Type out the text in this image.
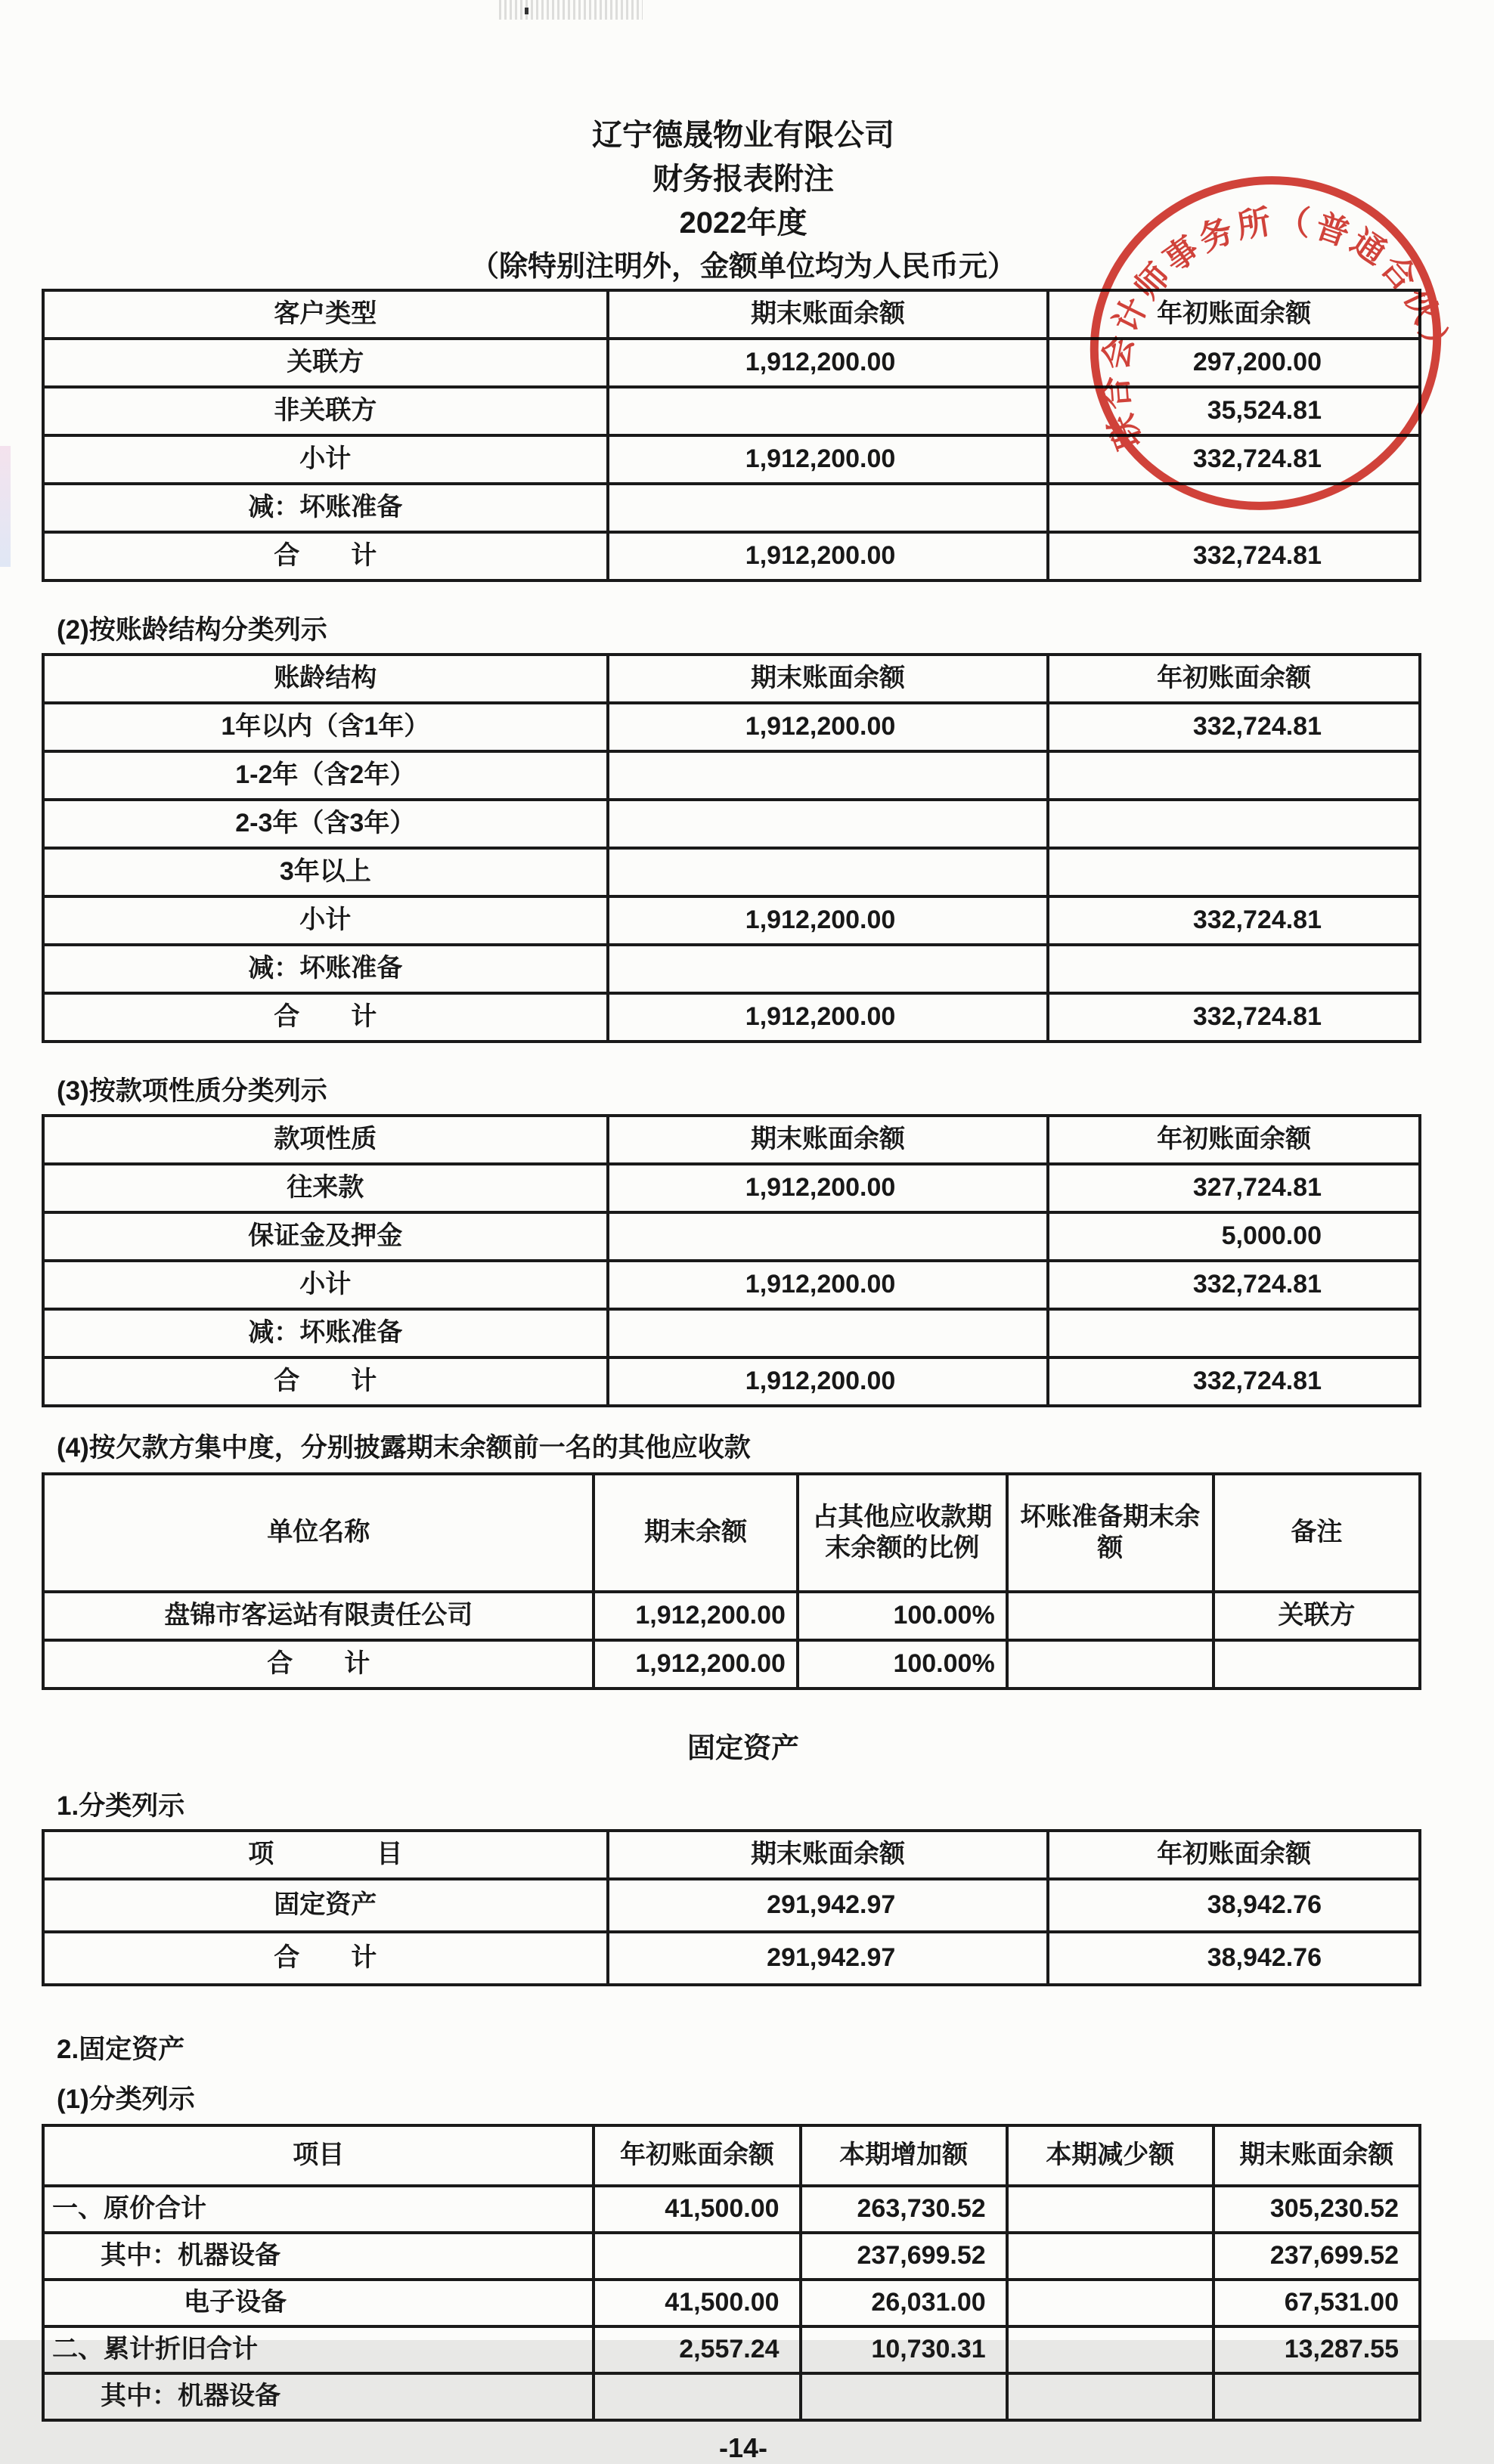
辽宁德晟物业有限公司
财务报表附注
2022年度
（除特别注明外，金额单位均为人民币元）
客户类型	期末账面余额	年初账面余额
关联方	1,912,200.00	297,200.00
非关联方		35,524.81
小计	1,912,200.00	332,724.81
减：坏账准备		
合　　计	1,912,200.00	332,724.81
(2)按账龄结构分类列示
账龄结构	期末账面余额	年初账面余额
1年以内（含1年）	1,912,200.00	332,724.81
1-2年（含2年）		
2-3年（含3年）		
3年以上		
小计	1,912,200.00	332,724.81
减：坏账准备		
合　　计	1,912,200.00	332,724.81
(3)按款项性质分类列示
款项性质	期末账面余额	年初账面余额
往来款	1,912,200.00	327,724.81
保证金及押金		5,000.00
小计	1,912,200.00	332,724.81
减：坏账准备		
合　　计	1,912,200.00	332,724.81
(4)按欠款方集中度，分别披露期末余额前一名的其他应收款
单位名称	期末余额	占其他应收款期末余额的比例	坏账准备期末余额	备注
盘锦市客运站有限责任公司	1,912,200.00	100.00%		关联方
合　　计	1,912,200.00	100.00%		
固定资产
1.分类列示
项　　　　目	期末账面余额	年初账面余额
固定资产	291,942.97	38,942.76
合　　计	291,942.97	38,942.76
2.固定资产
(1)分类列示
项目	年初账面余额	本期增加额	本期减少额	期末账面余额
一、原价合计	41,500.00	263,730.52		305,230.52
其中：机器设备		237,699.52		237,699.52
电子设备	41,500.00	26,031.00		67,531.00
二、累计折旧合计	2,557.24	10,730.31		13,287.55
其中：机器设备				
-14-
联合会计师事务所（普通合伙）
